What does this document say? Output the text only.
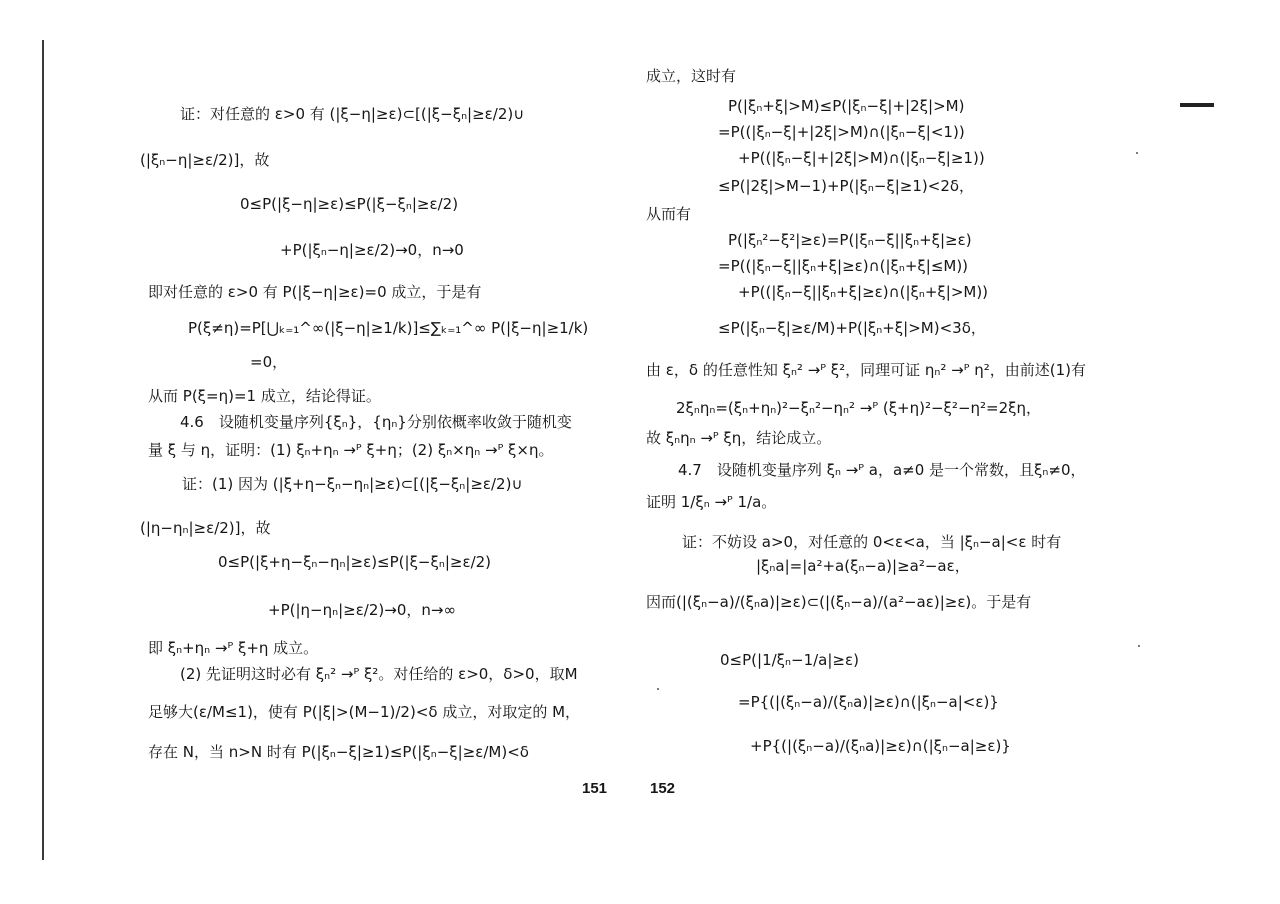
证：对任意的 ε>0 有 (|ξ−η|≥ε)⊂[(|ξ−ξₙ|≥ε/2)∪
(|ξₙ−η|≥ε/2)]，故
0≤P(|ξ−η|≥ε)≤P(|ξ−ξₙ|≥ε/2)
+P(|ξₙ−η|≥ε/2)→0，n→0
即对任意的 ε>0 有 P(|ξ−η|≥ε)=0 成立，于是有
P(ξ≠η)=P[⋃ₖ₌₁^∞(|ξ−η|≥1/k)]≤∑ₖ₌₁^∞ P(|ξ−η|≥1/k)
=0，
从而 P(ξ=η)=1 成立，结论得证。
4.6　设随机变量序列{ξₙ}，{ηₙ}分别依概率收敛于随机变
量 ξ 与 η，证明：(1) ξₙ+ηₙ →ᴾ ξ+η；(2) ξₙ×ηₙ →ᴾ ξ×η。
证：(1) 因为 (|ξ+η−ξₙ−ηₙ|≥ε)⊂[(|ξ−ξₙ|≥ε/2)∪
(|η−ηₙ|≥ε/2)]，故
0≤P(|ξ+η−ξₙ−ηₙ|≥ε)≤P(|ξ−ξₙ|≥ε/2)
+P(|η−ηₙ|≥ε/2)→0，n→∞
即 ξₙ+ηₙ →ᴾ ξ+η 成立。
(2) 先证明这时必有 ξₙ² →ᴾ ξ²。对任给的 ε>0，δ>0，取M
足够大(ε/M≤1)，使有 P(|ξ|>(M−1)/2)<δ 成立，对取定的 M，
存在 N，当 n>N 时有 P(|ξₙ−ξ|≥1)≤P(|ξₙ−ξ|≥ε/M)<δ
成立，这时有
P(|ξₙ+ξ|>M)≤P(|ξₙ−ξ|+|2ξ|>M)
=P((|ξₙ−ξ|+|2ξ|>M)∩(|ξₙ−ξ|<1))
+P((|ξₙ−ξ|+|2ξ|>M)∩(|ξₙ−ξ|≥1))
≤P(|2ξ|>M−1)+P(|ξₙ−ξ|≥1)<2δ，
从而有
P(|ξₙ²−ξ²|≥ε)=P(|ξₙ−ξ||ξₙ+ξ|≥ε)
=P((|ξₙ−ξ||ξₙ+ξ|≥ε)∩(|ξₙ+ξ|≤M))
+P((|ξₙ−ξ||ξₙ+ξ|≥ε)∩(|ξₙ+ξ|>M))
≤P(|ξₙ−ξ|≥ε/M)+P(|ξₙ+ξ|>M)<3δ，
由 ε，δ 的任意性知 ξₙ² →ᴾ ξ²，同理可证 ηₙ² →ᴾ η²，由前述(1)有
2ξₙηₙ=(ξₙ+ηₙ)²−ξₙ²−ηₙ² →ᴾ (ξ+η)²−ξ²−η²=2ξη，
故 ξₙηₙ →ᴾ ξη，结论成立。
4.7　设随机变量序列 ξₙ →ᴾ a，a≠0 是一个常数，且ξₙ≠0，
证明 1/ξₙ →ᴾ 1/a。
证：不妨设 a>0，对任意的 0<ε<a，当 |ξₙ−a|<ε 时有
|ξₙa|=|a²+a(ξₙ−a)|≥a²−aε，
因而(|(ξₙ−a)/(ξₙa)|≥ε)⊂(|(ξₙ−a)/(a²−aε)|≥ε)。于是有
0≤P(|1/ξₙ−1/a|≥ε)
=P{(|(ξₙ−a)/(ξₙa)|≥ε)∩(|ξₙ−a|<ε)}
+P{(|(ξₙ−a)/(ξₙa)|≥ε)∩(|ξₙ−a|≥ε)}
151	152
